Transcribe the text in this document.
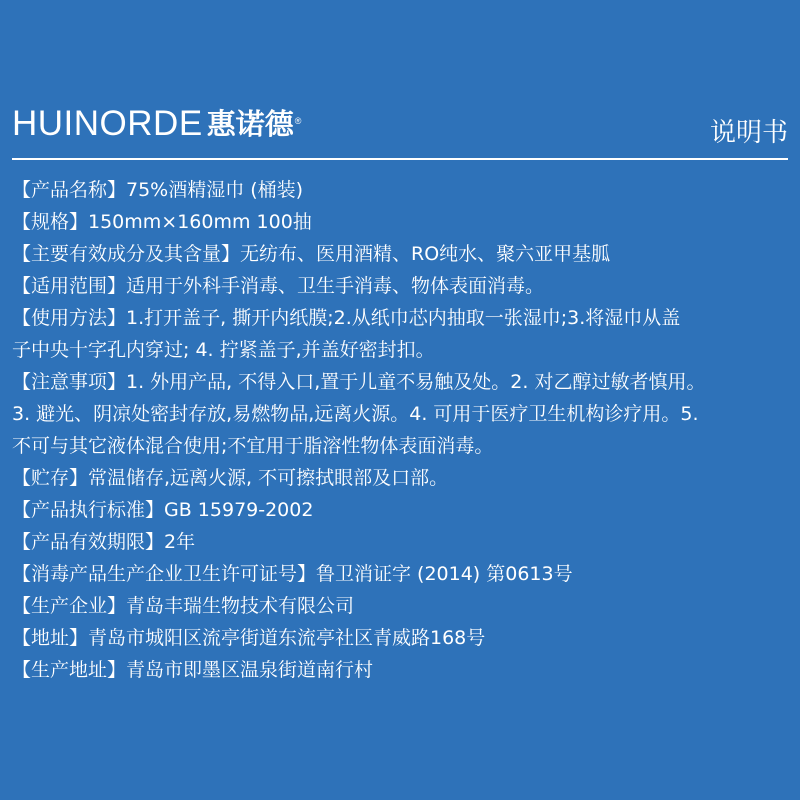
HUINORDE 惠诺德 ®	说明书
【产品名称】75%酒精湿巾 (桶装)
【规格】150mm×160mm 100抽
【主要有效成分及其含量】无纺布、医用酒精、RO纯水、聚六亚甲基胍
【适用范围】适用于外科手消毒、卫生手消毒、物体表面消毒。
【使用方法】1.打开盖子, 撕开内纸膜;2.从纸巾芯内抽取一张湿巾;3.将湿巾从盖
子中央十字孔内穿过; 4. 拧紧盖子,并盖好密封扣。
【注意事项】1. 外用产品, 不得入口,置于儿童不易触及处。2. 对乙醇过敏者慎用。
3. 避光、阴凉处密封存放,易燃物品,远离火源。4. 可用于医疗卫生机构诊疗用。5.
不可与其它液体混合使用;不宜用于脂溶性物体表面消毒。
【贮存】常温储存,远离火源, 不可擦拭眼部及口部。
【产品执行标准】GB 15979-2002
【产品有效期限】2年
【消毒产品生产企业卫生许可证号】鲁卫消证字 (2014) 第0613号
【生产企业】青岛丰瑞生物技术有限公司
【地址】青岛市城阳区流亭街道东流亭社区青威路168号
【生产地址】青岛市即墨区温泉街道南行村
